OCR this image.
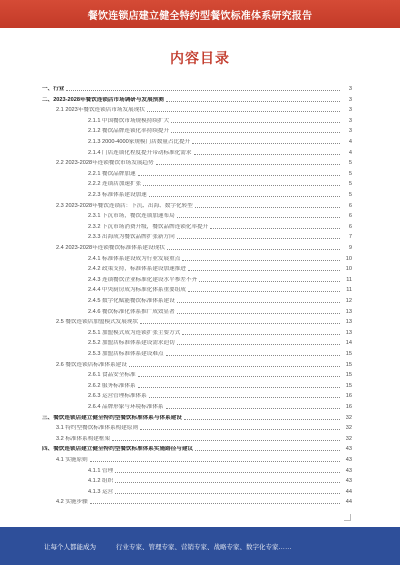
餐饮连锁店建立健全特约型餐饮标准体系研究报告
内容目录
一、行业	3
二、2023-2028年餐饮连锁店市场调研与发展预测	3
2.1 2023年餐饮连锁店市场发展现状	3
2.1.1 中国餐饮市场规模持续扩大	3
2.1.2 餐饮品牌连锁化率持续提升	3
2.1.3 2000-4000家规模门店数量占比提升	4
2.1.4 门店连锁化程度提升带动标准化需求	4
2.2 2023-2028年连锁餐饮市场发展趋势	5
2.2.1 餐饮品牌加速	5
2.2.2 连锁店加速扩张	5
2.2.3 标准体系建设加速	5
2.3 2023-2028年餐饮连锁店：下沉、出海、数字化转型	6
2.3.1 下沉市场，餐饮连锁加速布局	6
2.3.2 下沉市场消费升级，餐饮品牌连锁化率提升	6
2.3.3 出海成为餐饮品牌扩张新方向	7
2.4 2023-2028年连锁餐饮标准体系建设现状	9
2.4.1 标准体系建设成为行业发展重点	10
2.4.2 政策支持，标准体系建设加速推进	10
2.4.3 连锁餐饮企业标准化建设水平参差不齐	11
2.4.4 中央厨房成为标准化体系重要组成	11
2.4.5 数字化赋能餐饮标准体系建设	12
2.4.6 餐饮标准化体系推广成效显著	13
2.5 餐饮连锁店加盟模式发展现状	13
2.5.1 加盟模式成为连锁扩张主要方式	13
2.5.2 加盟店标准体系建设需求迫切	14
2.5.3 加盟店标准体系建设难点	15
2.6 餐饮连锁店标准体系建设	15
2.6.1 食品安全标准	15
2.6.2 服务标准体系	15
2.6.3 运营管理标准体系	16
2.6.4 品牌形象与环境标准体系	16
三、餐饮连锁店建立健全特约型餐饮标准体系与体系建设	32
3.1 特约型餐饮标准体系构建原则	32
3.2 标准体系构建框架	32
四、餐饮连锁店建立健全特约型餐饮标准体系实施路径与建议	43
4.1 实施原则	43
4.1.1 管理	43
4.1.2 组织	43
4.1.3 运营	44
4.2 实施步骤	44
让每个人都能成为	行业专家、管理专家、营销专家、战略专家、数字化专家……
